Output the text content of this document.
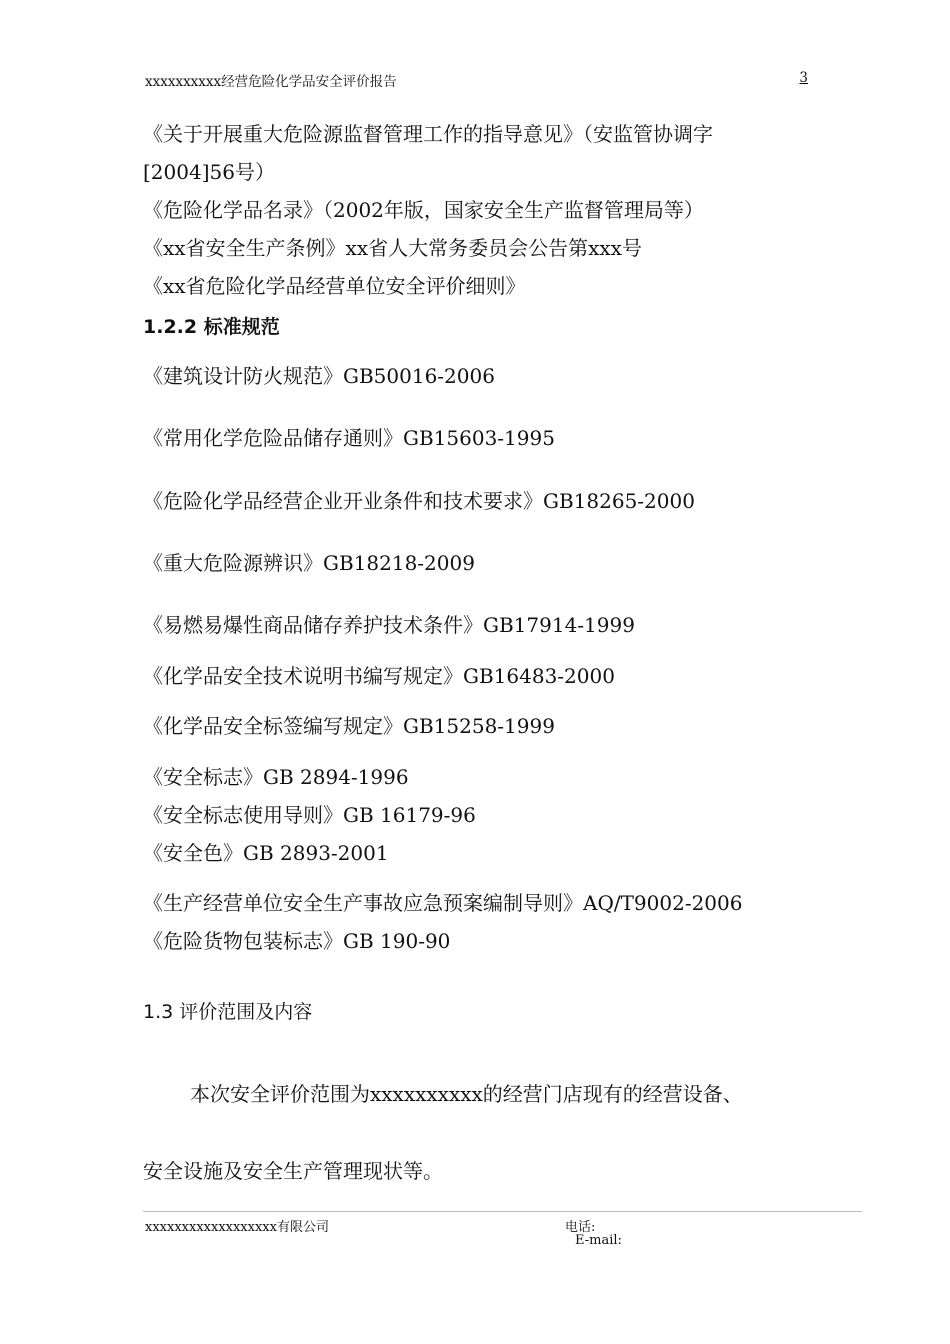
xxxxxxxxxx经营危险化学品安全评价报告	3
《关于开展重大危险源监督管理工作的指导意见》（安监管协调字
[2004]56号）
《危险化学品名录》（2002年版，国家安全生产监督管理局等）
《xx省安全生产条例》xx省人大常务委员会公告第xxx号
《xx省危险化学品经营单位安全评价细则》
1.2.2 标准规范
《建筑设计防火规范》GB50016-2006
《常用化学危险品储存通则》GB15603-1995
《危险化学品经营企业开业条件和技术要求》GB18265-2000
《重大危险源辨识》GB18218-2009
《易燃易爆性商品储存养护技术条件》GB17914-1999
《化学品安全技术说明书编写规定》GB16483-2000
《化学品安全标签编写规定》GB15258-1999
《安全标志》GB 2894-1996
《安全标志使用导则》GB 16179-96
《安全色》GB 2893-2001
《生产经营单位安全生产事故应急预案编制导则》AQ/T9002-2006
《危险货物包装标志》GB 190-90
1.3 评价范围及内容
本次安全评价范围为xxxxxxxxxx的经营门店现有的经营设备、
安全设施及安全生产管理现状等。
xxxxxxxxxxxxxxxxxx有限公司	电话:
E-mail:
